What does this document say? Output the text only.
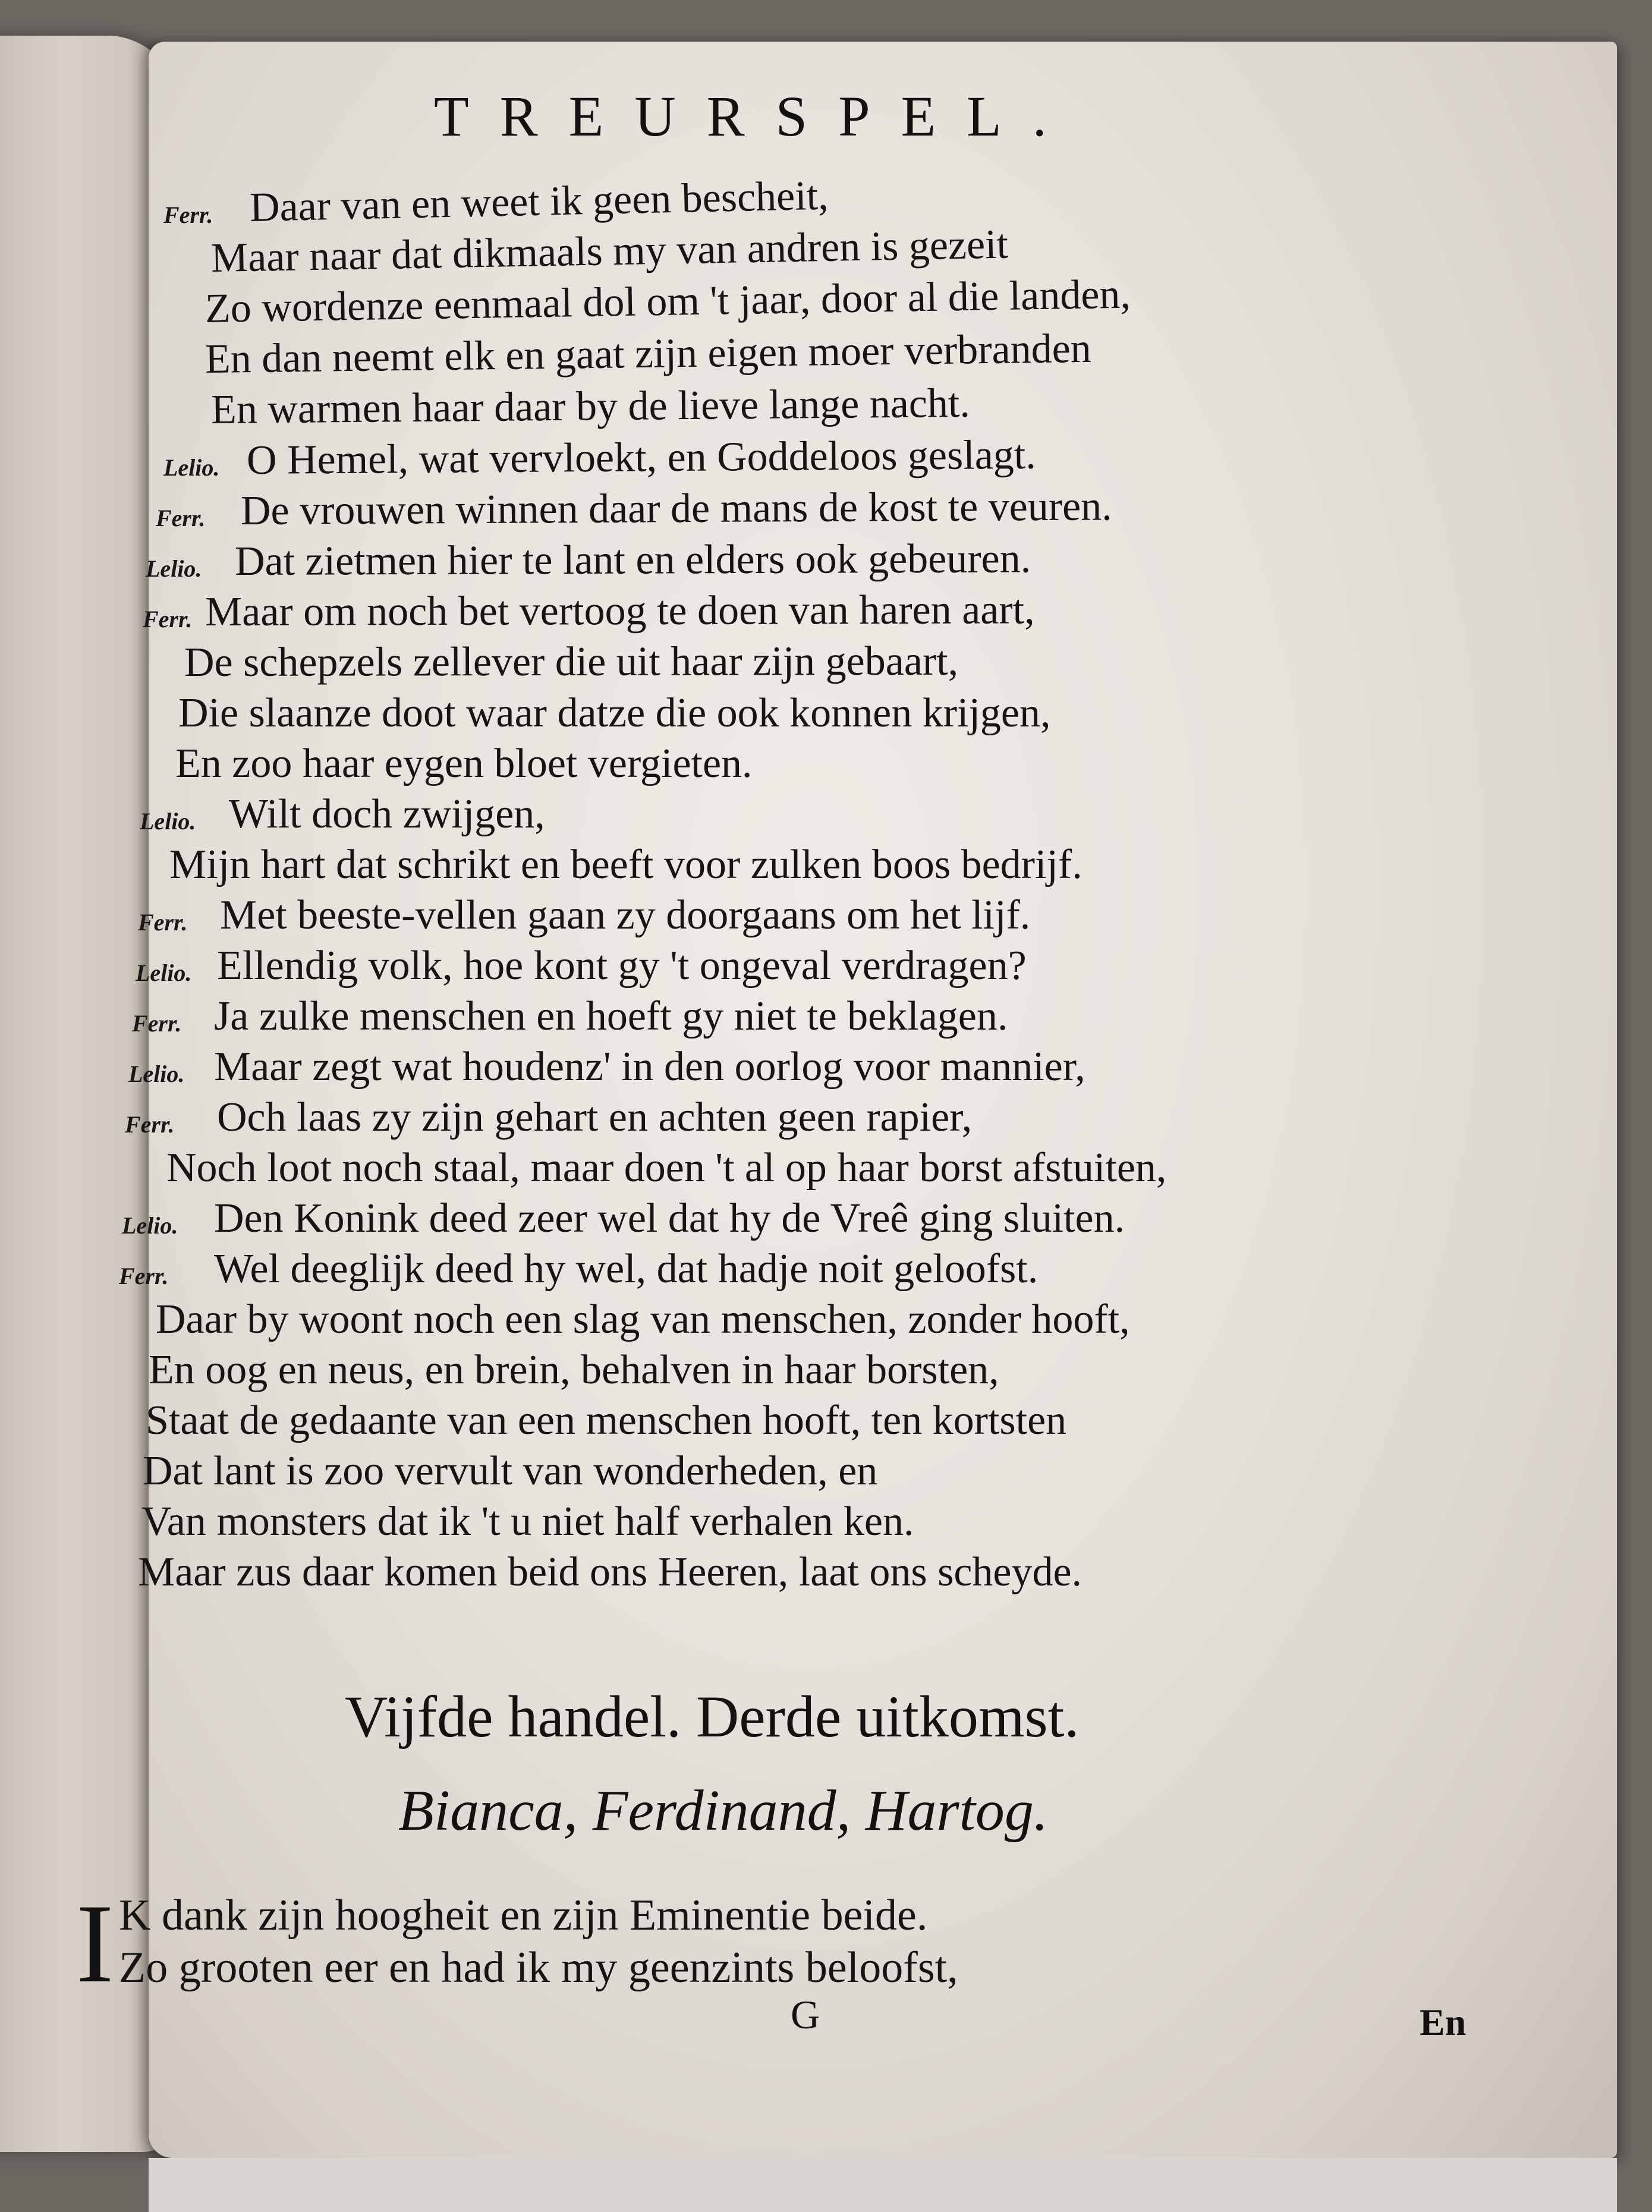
TREURSPEL.
Ferr. Daar van en weet ik geen bescheit,
Maar naar dat dikmaals my van andren is gezeit
Zo wordenze eenmaal dol om 't jaar, door al die landen,
En dan neemt elk en gaat zijn eigen moer verbranden
En warmen haar daar by de lieve lange nacht.
Lelio. O Hemel, wat vervloekt, en Goddeloos geslagt.
Ferr. De vrouwen winnen daar de mans de kost te veuren.
Lelio. Dat zietmen hier te lant en elders ook gebeuren.
Ferr. Maar om noch bet vertoog te doen van haren aart,
De schepzels zellever die uit haar zijn gebaart,
Die slaanze doot waar datze die ook konnen krijgen,
En zoo haar eygen bloet vergieten.
Lelio. Wilt doch zwijgen,
Mijn hart dat schrikt en beeft voor zulken boos bedrijf.
Ferr. Met beeste-vellen gaan zy doorgaans om het lijf.
Lelio. Ellendig volk, hoe kont gy 't ongeval verdragen?
Ferr. Ja zulke menschen en hoeft gy niet te beklagen.
Lelio. Maar zegt wat houdenz' in den oorlog voor mannier,
Ferr. Och laas zy zijn gehart en achten geen rapier,
Noch loot noch staal, maar doen 't al op haar borst afstuiten,
Lelio. Den Konink deed zeer wel dat hy de Vreê ging sluiten.
Ferr. Wel deeglijk deed hy wel, dat hadje noit geloofst.
Daar by woont noch een slag van menschen, zonder hooft,
En oog en neus, en brein, behalven in haar borsten,
Staat de gedaante van een menschen hooft, ten kortsten
Dat lant is zoo vervult van wonderheden, en
Van monsters dat ik 't u niet half verhalen ken.
Maar zus daar komen beid ons Heeren, laat ons scheyde.
Vijfde handel. Derde uitkomst.
Bianca, Ferdinand, Hartog.
I K dank zijn hoogheit en zijn Eminentie beide.
Zo grooten eer en had ik my geenzints beloofst,
G	En
